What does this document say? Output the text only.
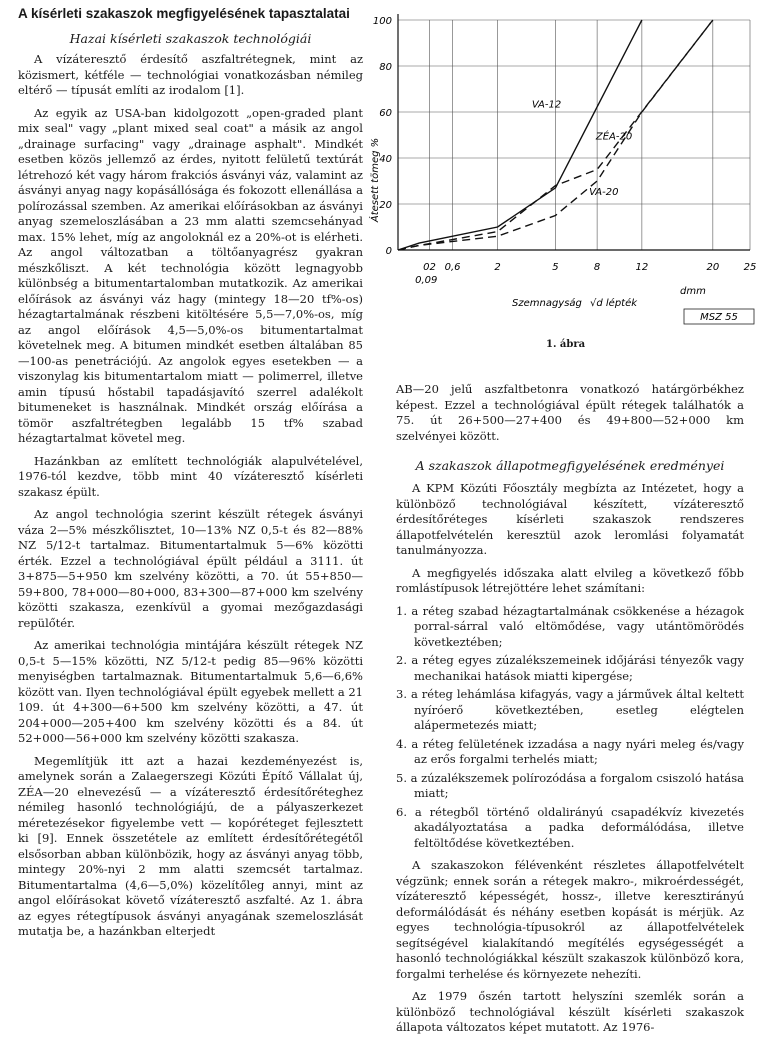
A kísérleti szakaszok megfigyelésének tapasztalatai
Hazai kísérleti szakaszok technológiái

A vízáteresztő érdesítő aszfaltrétegnek, mint az közismert, kétféle — technológiai vonatkozásban némileg eltérő — típusát említi az irodalom [1].

Az egyik az USA-ban kidolgozott „open-graded plant mix seal" vagy „plant mixed seal coat" a másik az angol „drainage surfacing" vagy „drainage asphalt". Mindkét esetben közös jellemző az érdes, nyitott felületű textúrát létrehozó két vagy három frakciós ásványi váz, valamint az ásványi anyag nagy kopásállósága és fokozott ellenállása a polírozással szemben. Az amerikai előírásokban az ásványi anyag szemeloszlásában a 23 mm alatti szemcsehányad max. 15% lehet, míg az angoloknál ez a 20%-ot is elérheti. Az angol változatban a töltőanyagrész gyakran mészkőliszt. A két technológia között legnagyobb különbség a bitumentartalomban mutatkozik. Az amerikai előírások az ásványi váz hagy (mintegy 18—20 tf%-os) hézagtartalmának részbeni kitöltésére 5,5—7,0%-os, míg az angol előírások 4,5—5,0%-os bitumentartalmat követelnek meg. A bitumen mindkét esetben általában 85—100-as penetrációjú. Az angolok egyes esetekben — a viszonylag kis bitumentartalom miatt — polimerrel, illetve amin típusú hőstabil tapadásjavító szerrel adalékolt bitumeneket is használnak. Mindkét ország előírása a tömör aszfaltrétegben legalább 15 tf% szabad hézagtartalmat követel meg.

Hazánkban az említett technológiák alapulvételével, 1976-tól kezdve, több mint 40 vízáteresztő kísérleti szakasz épült.

Az angol technológia szerint készült rétegek ásványi váza 2—5% mészkőlisztet, 10—13% NZ 0,5-t és 82—88% NZ 5/12-t tartalmaz. Bitumentartalmuk 5—6% közötti érték. Ezzel a technológiával épült például a 3111. út 3+875—5+950 km szelvény közötti, a 70. út 55+850—59+800, 78+000—80+000, 83+300—87+000 km szelvény közötti szakasza, ezenkívül a gyomai mezőgazdasági repülőtér.

Az amerikai technológia mintájára készült rétegek NZ 0,5-t 5—15% közötti, NZ 5/12-t pedig 85—96% közötti menyiségben tartalmaznak. Bitumentartalmuk 5,6—6,6% között van. Ilyen technológiával épült egyebek mellett a 21 109. út 4+300—6+500 km szelvény közötti, a 47. út 204+000—205+400 km szelvény közötti és a 84. út 52+000—56+000 km szelvény közötti szakasza.

Megemlítjük itt azt a hazai kezdeményezést is, amelynek során a Zalaegerszegi Közúti Építő Vállalat új, ZÉA—20 elnevezésű — a vízáteresztő érdesítőréteghez némileg hasonló technológiájú, de a pályaszerkezet méretezésekor figyelembe vett — kopóréteget fejlesztett ki [9]. Ennek összetétele az említett érdesítőrétegétől elsősorban abban különbözik, hogy az ásványi anyag több, mintegy 20%-nyi 2 mm alatti szemcsét tartalmaz. Bitumentartalma (4,6—5,0%) közelítőleg annyi, mint az angol előírásokat követő vízáteresztő aszfalté. Az 1. ábra az egyes rétegtípusok ásványi anyagának szemeloszlását mutatja be, a hazánkban elterjedt

0
20
40
60
80
100
02 0,6	2	5	8	12	20 25
0,09
VA-12
ZÉA-20
VA-20
Átesett tömeg %
Szemnagyság √d lépték
dmm
MSZ 55
1. ábra

AB—20 jelű aszfaltbetonra vonatkozó határgörbékhez képest. Ezzel a technológiával épült rétegek találhatók a 75. út 26+500—27+400 és 49+800—52+000 km szelvényei között.

A szakaszok állapotmegfigyelésének eredményei

A KPM Közúti Főosztály megbízta az Intézetet, hogy a különböző technológiával készített, vízáteresztő érdesítőréteges kísérleti szakaszok rendszeres állapotfelvételén keresztül azok leromlási folyamatát tanulmányozza.

A megfigyelés időszaka alatt elvileg a következő főbb romlástípusok létrejöttére lehet számítani:

1. a réteg szabad hézagtartalmának csökkenése a hézagok porral-sárral való eltömődése, vagy utántömörödés következtében;
2. a réteg egyes zúzalékszemeinek időjárási tényezők vagy mechanikai hatások miatti kipergése;
3. a réteg lehámlása kifagyás, vagy a járművek által keltett nyíróerő következtében, esetleg elégtelen alápermetezés miatt;
4. a réteg felületének izzadása a nagy nyári meleg és/vagy az erős forgalmi terhelés miatt;
5. a zúzalékszemek polírozódása a forgalom csiszoló hatása miatt;
6. a rétegből történő oldalirányú csapadékvíz kivezetés akadályoztatása a padka deformálódása, illetve feltöltődése következtében.

A szakaszokon félévenként részletes állapotfelvételt végzünk; ennek során a rétegek makro-, mikroérdességét, vízáteresztő képességét, hossz-, illetve keresztirányú deformálódását és néhány esetben kopását is mérjük. Az egyes technológia-típusokról az állapotfelvételek segítségével kialakítandó megítélés egységességét a hasonló technológiákkal készült szakaszok különböző kora, forgalmi terhelése és környezete nehezíti.

Az 1979 őszén tartott helyszíni szemlék során a különböző technológiával készült kísérleti szakaszok állapota változatos képet mutatott. Az 1976-
